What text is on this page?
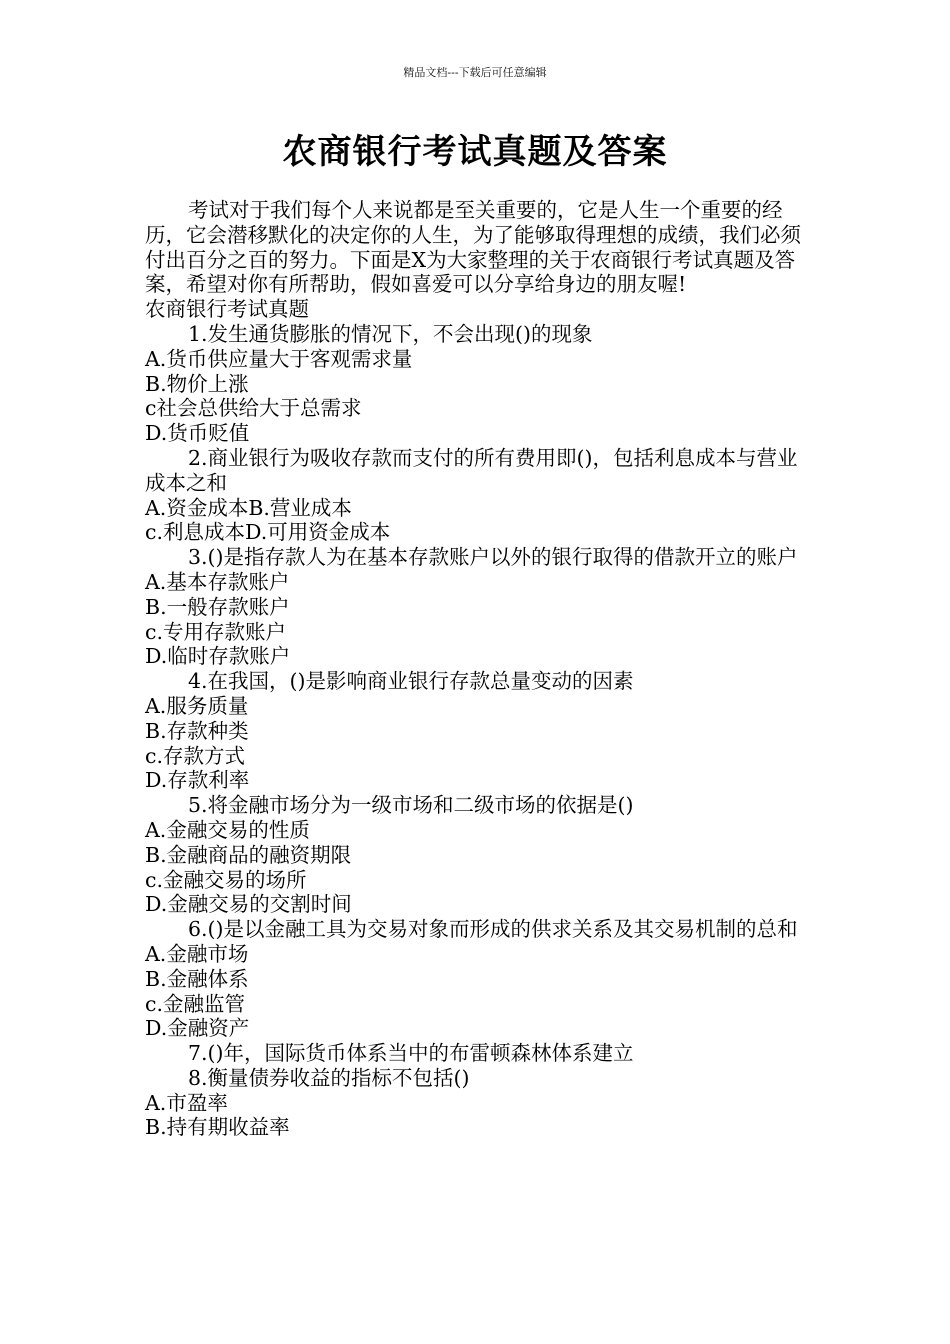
精品文档---下载后可任意编辑
农商银行考试真题及答案

考试对于我们每个人来说都是至关重要的，它是人生一个重要的经历，它会潜移默化的决定你的人生，为了能够取得理想的成绩，我们必须付出百分之百的努力。下面是X为大家整理的关于农商银行考试真题及答案，希望对你有所帮助，假如喜爱可以分享给身边的朋友喔!

农商银行考试真题

1.发生通货膨胀的情况下，不会出现()的现象

A.货币供应量大于客观需求量

B.物价上涨

c社会总供给大于总需求

D.货币贬值

2.商业银行为吸收存款而支付的所有费用即()，包括利息成本与营业成本之和

A.资金成本B.营业成本

c.利息成本D.可用资金成本

3.()是指存款人为在基本存款账户以外的银行取得的借款开立的账户

A.基本存款账户

B.一般存款账户

c.专用存款账户

D.临时存款账户

4.在我国，()是影响商业银行存款总量变动的因素

A.服务质量

B.存款种类

c.存款方式

D.存款利率

5.将金融市场分为一级市场和二级市场的依据是()

A.金融交易的性质

B.金融商品的融资期限

c.金融交易的场所

D.金融交易的交割时间

6.()是以金融工具为交易对象而形成的供求关系及其交易机制的总和

A.金融市场

B.金融体系

c.金融监管

D.金融资产

7.()年，国际货币体系当中的布雷顿森林体系建立

8.衡量债券收益的指标不包括()

A.市盈率

B.持有期收益率
